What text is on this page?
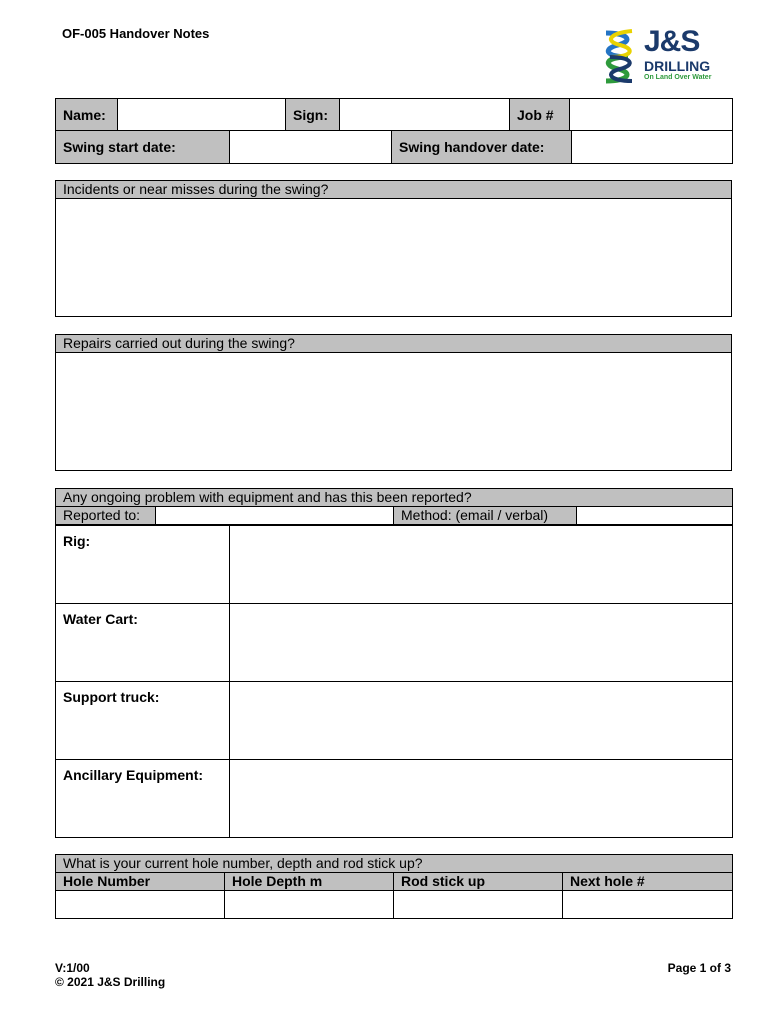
OF-005 Handover Notes	J&S
DRILLING
On Land Over Water
Name:		Sign:		Job #	
Swing start date:		Swing handover date:	
Incidents or near misses during the swing?

Repairs carried out during the swing?

Any ongoing problem with equipment and has this been reported?
Reported to:		Method: (email / verbal)	
Rig:	
Water Cart:	
Support truck:	
Ancillary Equipment:	
What is your current hole number, depth and rod stick up?			
Hole Number	Hole Depth m	Rod stick up	Next hole #

V:1/00
© 2021 J&S Drilling
Page 1 of 3
